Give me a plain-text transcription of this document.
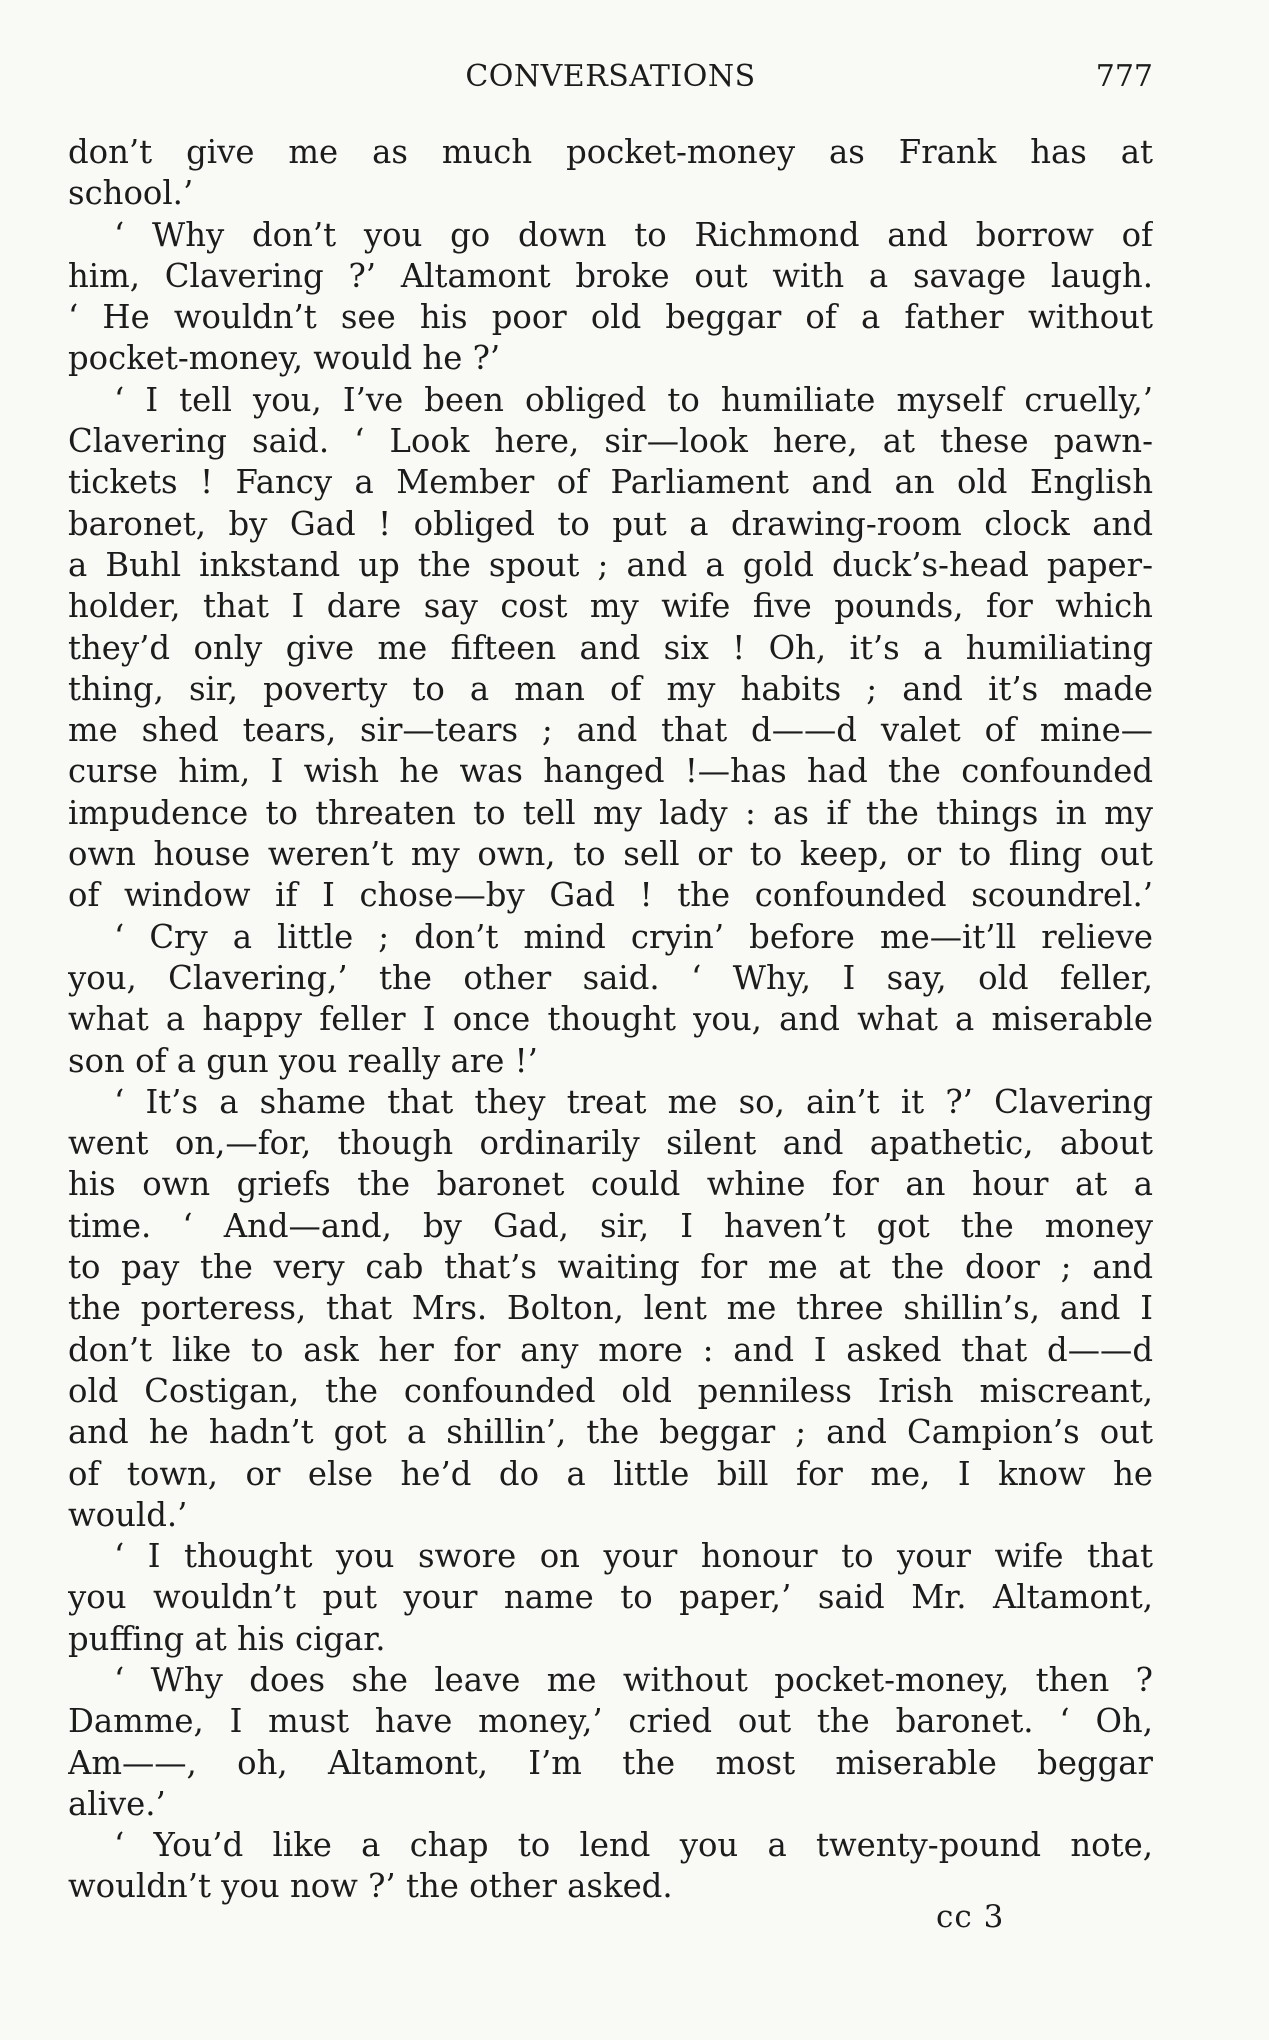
CONVERSATIONS	777
don’t give me as much pocket-money as Frank has at
school.’
‘ Why don’t you go down to Richmond and borrow of
him, Clavering ?’ Altamont broke out with a savage laugh.
‘ He wouldn’t see his poor old beggar of a father without
pocket-money, would he ?’
‘ I tell you, I’ve been obliged to humiliate myself cruelly,’
Clavering said. ‘ Look here, sir—look here, at these pawn-
tickets ! Fancy a Member of Parliament and an old English
baronet, by Gad ! obliged to put a drawing-room clock and
a Buhl inkstand up the spout ; and a gold duck’s-head paper-
holder, that I dare say cost my wife five pounds, for which
they’d only give me fifteen and six ! Oh, it’s a humiliating
thing, sir, poverty to a man of my habits ; and it’s made
me shed tears, sir—tears ; and that d——d valet of mine—
curse him, I wish he was hanged !—has had the confounded
impudence to threaten to tell my lady : as if the things in my
own house weren’t my own, to sell or to keep, or to fling out
of window if I chose—by Gad ! the confounded scoundrel.’
‘ Cry a little ; don’t mind cryin’ before me—it’ll relieve
you, Clavering,’ the other said. ‘ Why, I say, old feller,
what a happy feller I once thought you, and what a miserable
son of a gun you really are !’
‘ It’s a shame that they treat me so, ain’t it ?’ Clavering
went on,—for, though ordinarily silent and apathetic, about
his own griefs the baronet could whine for an hour at a
time. ‘ And—and, by Gad, sir, I haven’t got the money
to pay the very cab that’s waiting for me at the door ; and
the porteress, that Mrs. Bolton, lent me three shillin’s, and I
don’t like to ask her for any more : and I asked that d——d
old Costigan, the confounded old penniless Irish miscreant,
and he hadn’t got a shillin’, the beggar ; and Campion’s out
of town, or else he’d do a little bill for me, I know he
would.’
‘ I thought you swore on your honour to your wife that
you wouldn’t put your name to paper,’ said Mr. Altamont,
puffing at his cigar.
‘ Why does she leave me without pocket-money, then ?
Damme, I must have money,’ cried out the baronet. ‘ Oh,
Am——, oh, Altamont, I’m the most miserable beggar
alive.’
‘ You’d like a chap to lend you a twenty-pound note,
wouldn’t you now ?’ the other asked.
cc 3
